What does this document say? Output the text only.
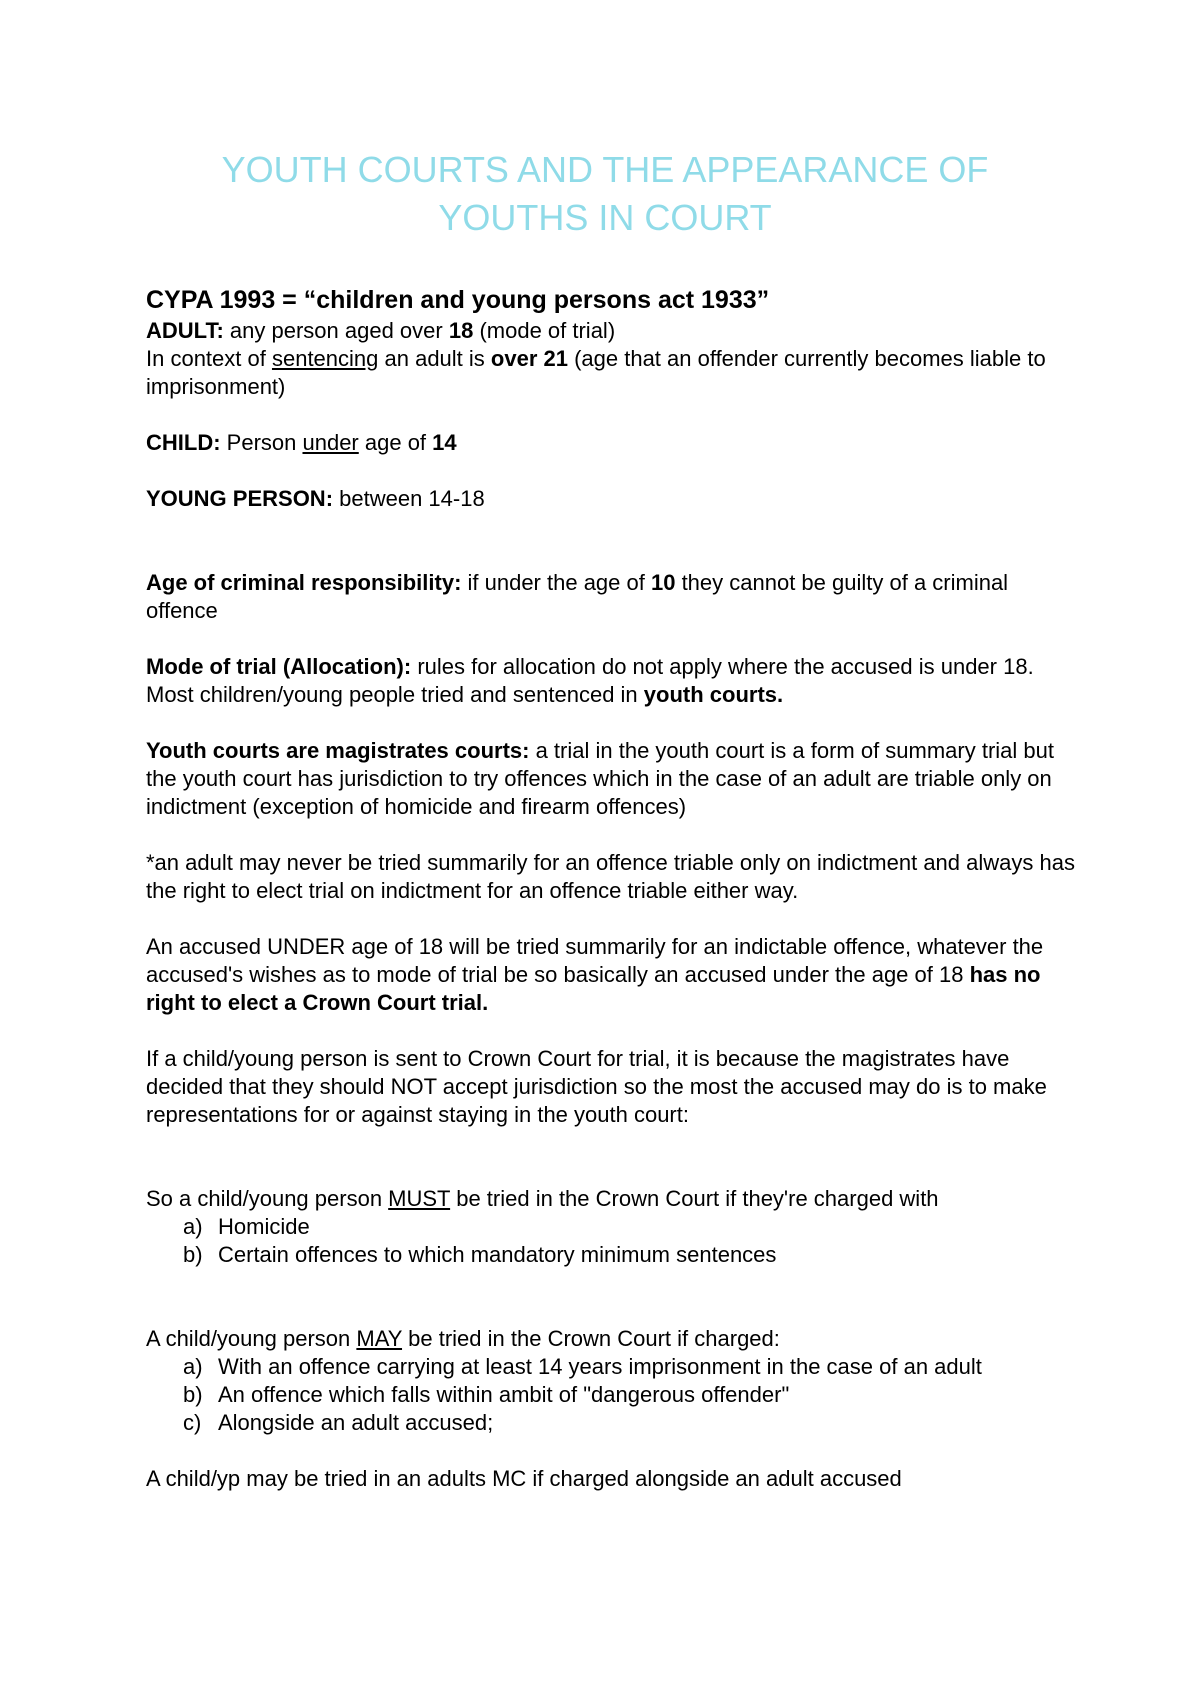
YOUTH COURTS AND THE APPEARANCE OF
YOUTHS IN COURT

CYPA 1993 = “children and young persons act 1933”

ADULT: any person aged over 18 (mode of trial)

In context of sentencing an adult is over 21 (age that an offender currently becomes liable to imprisonment)

CHILD: Person under age of 14

YOUNG PERSON: between 14-18

Age of criminal responsibility: if under the age of 10 they cannot be guilty of a criminal offence

Mode of trial (Allocation): rules for allocation do not apply where the accused is under 18. Most children/young people tried and sentenced in youth courts.

Youth courts are magistrates courts: a trial in the youth court is a form of summary trial but the youth court has jurisdiction to try offences which in the case of an adult are triable only on indictment (exception of homicide and firearm offences)

*an adult may never be tried summarily for an offence triable only on indictment and always has the right to elect trial on indictment for an offence triable either way.

An accused UNDER age of 18 will be tried summarily for an indictable offence, whatever the accused's wishes as to mode of trial be so basically an accused under the age of 18 has no right to elect a Crown Court trial.

If a child/young person is sent to Crown Court for trial, it is because the magistrates have decided that they should NOT accept jurisdiction so the most the accused may do is to make representations for or against staying in the youth court:

So a child/young person MUST be tried in the Crown Court if they're charged with

a) Homicide
b) Certain offences to which mandatory minimum sentences

A child/young person MAY be tried in the Crown Court if charged:

a) With an offence carrying at least 14 years imprisonment in the case of an adult
b) An offence which falls within ambit of "dangerous offender"
c) Alongside an adult accused;

A child/yp may be tried in an adults MC if charged alongside an adult accused
